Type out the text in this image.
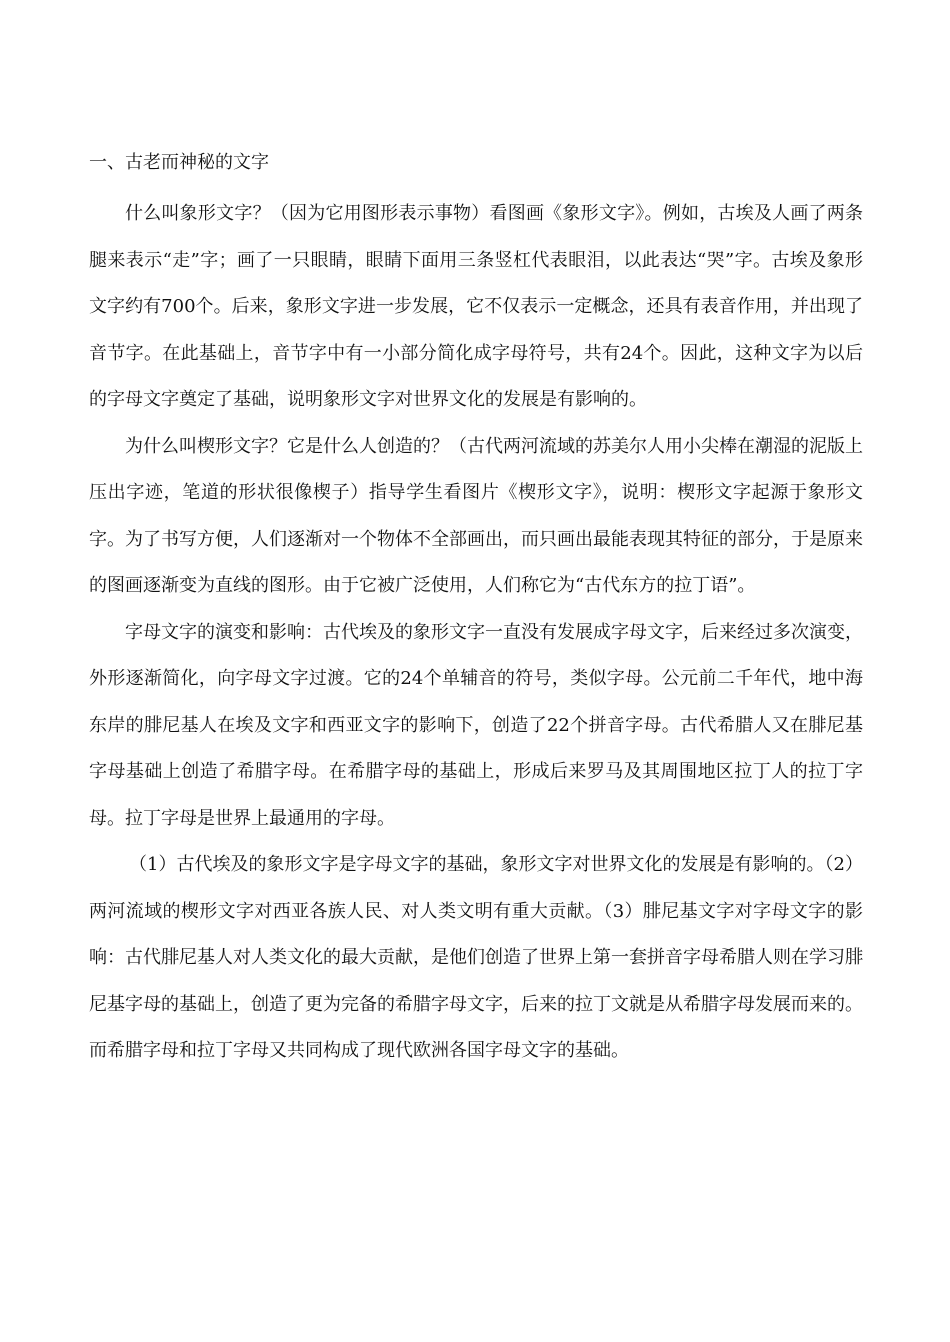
一、古老而神秘的文字

什么叫象形文字？（因为它用图形表示事物）看图画《象形文字》。例如，古埃及人画了两条腿来表示“走”字；画了一只眼睛，眼睛下面用三条竖杠代表眼泪，以此表达“哭”字。古埃及象形文字约有700个。后来，象形文字进一步发展，它不仅表示一定概念，还具有表音作用，并出现了音节字。在此基础上，音节字中有一小部分简化成字母符号，共有24个。因此，这种文字为以后的字母文字奠定了基础，说明象形文字对世界文化的发展是有影响的。

为什么叫楔形文字？它是什么人创造的？（古代两河流域的苏美尔人用小尖棒在潮湿的泥版上压出字迹，笔道的形状很像楔子）指导学生看图片《楔形文字》，说明：楔形文字起源于象形文字。为了书写方便，人们逐渐对一个物体不全部画出，而只画出最能表现其特征的部分，于是原来的图画逐渐变为直线的图形。由于它被广泛使用，人们称它为“古代东方的拉丁语”。

字母文字的演变和影响：古代埃及的象形文字一直没有发展成字母文字，后来经过多次演变，外形逐渐简化，向字母文字过渡。它的24个单辅音的符号，类似字母。公元前二千年代，地中海东岸的腓尼基人在埃及文字和西亚文字的影响下，创造了22个拼音字母。古代希腊人又在腓尼基字母基础上创造了希腊字母。在希腊字母的基础上，形成后来罗马及其周围地区拉丁人的拉丁字母。拉丁字母是世界上最通用的字母。

（1）古代埃及的象形文字是字母文字的基础，象形文字对世界文化的发展是有影响的。（2）两河流域的楔形文字对西亚各族人民、对人类文明有重大贡献。（3）腓尼基文字对字母文字的影响：古代腓尼基人对人类文化的最大贡献，是他们创造了世界上第一套拼音字母希腊人则在学习腓尼基字母的基础上，创造了更为完备的希腊字母文字，后来的拉丁文就是从希腊字母发展而来的。而希腊字母和拉丁字母又共同构成了现代欧洲各国字母文字的基础。
